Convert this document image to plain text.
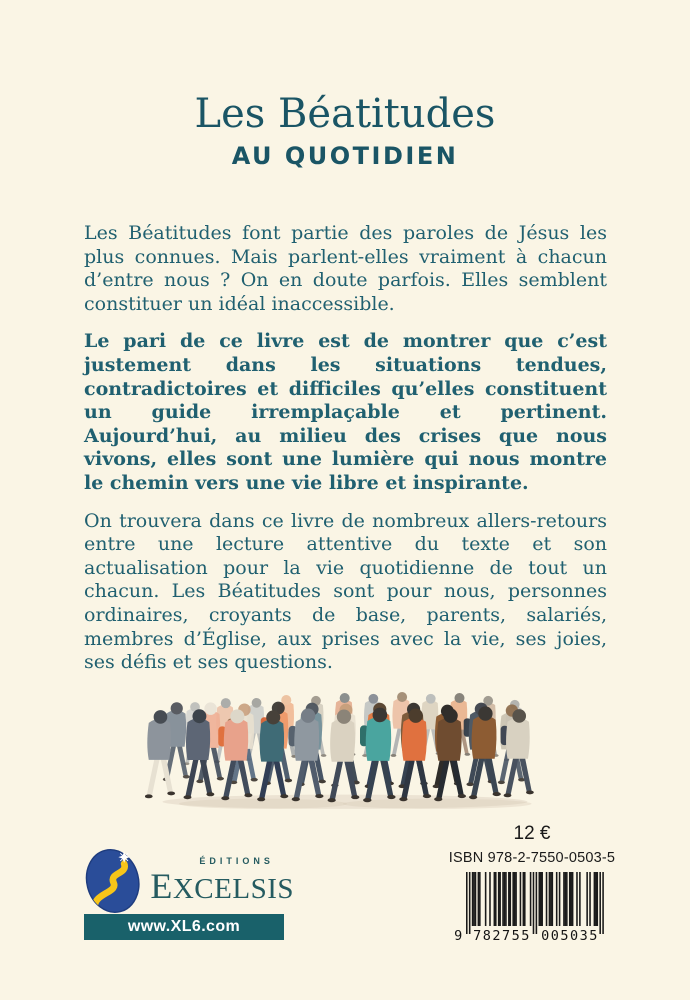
Les Béatitudes
AU QUOTIDIEN

Les Béatitudes font partie des paroles de Jésus les plus connues. Mais parlent-elles vraiment à chacun d’entre nous ? On en doute parfois. Elles semblent constituer un idéal inaccessible.

Le pari de ce livre est de montrer que c’est justement dans les situations tendues, contradictoires et difficiles qu’elles constituent un guide irremplaçable et pertinent. Aujourd’hui, au milieu des crises que nous vivons, elles sont une lumière qui nous montre le chemin vers une vie libre et inspirante.

On trouvera dans ce livre de nombreux allers-retours entre une lecture attentive du texte et son actualisation pour la vie quotidienne de tout un chacun. Les Béatitudes sont pour nous, personnes ordinaires, croyants de base, parents, salariés, membres d’Église, aux prises avec la vie, ses joies, ses défis et ses questions.

ÉDITIONS
EXCELSIS
www.XL6.com
12 €
ISBN 978-2-7550-0503-5
9 782755 005035
